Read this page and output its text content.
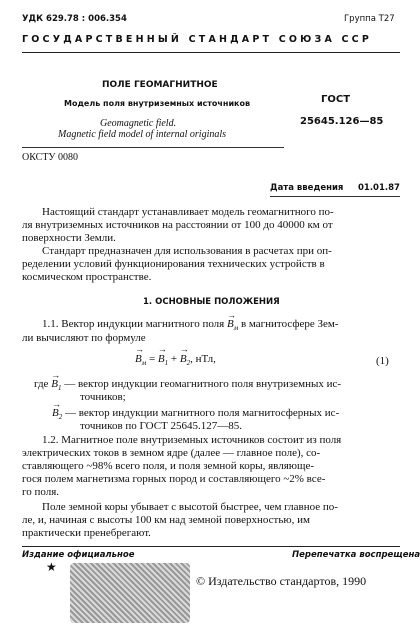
УДК 629.78 : 006.354	Группа Т27
ГОСУДАРСТВЕННЫЙ СТАНДАРТ СОЮЗА ССР
ПОЛЕ ГЕОМАГНИТНОЕ
Модель поля внутриземных источников
Geomagnetic field.
Magnetic field model of internal originals
ГОСТ
25645.126—85
ОКСТУ 0080
Дата введения 01.01.87
Настоящий стандарт устанавливает модель геомагнитного по-
ля внутриземных источников на расстоянии от 100 до 40000 км от
поверхности Земли.
Стандарт предназначен для использования в расчетах при оп-
ределении условий функционирования технических устройств в
космическом пространстве.
1. ОСНОВНЫЕ ПОЛОЖЕНИЯ
1.1. Вектор индукции магнитного поля → $B_м$ в магнитосфере Зем-
ли вычисляют по формуле
→ $B_м$ = → $B_1$ + → $B_2$, нТл,	(1)
где → $B_1$ — вектор индукции геомагнитного поля внутриземных ис-
точников;
→ $B_2$ — вектор индукции магнитного поля магнитосферных ис-
точников по ГОСТ 25645.127—85.
1.2. Магнитное поле внутриземных источников состоит из поля
электрических токов в земном ядре (далее — главное поле), со-
ставляющего ~98% всего поля, и поля земной коры, являющe-
гося полем магнетизма горных пород и составляющего ~2% все-
го поля.
Поле земной коры убывает с высотой быстрее, чем главное по-
ле, и, начиная с высоты 100 км над земной поверхностью, им
практически пренебрегают.
Издание официальное	Перепечатка воспрещена
★
© Издательство стандартов, 1990
